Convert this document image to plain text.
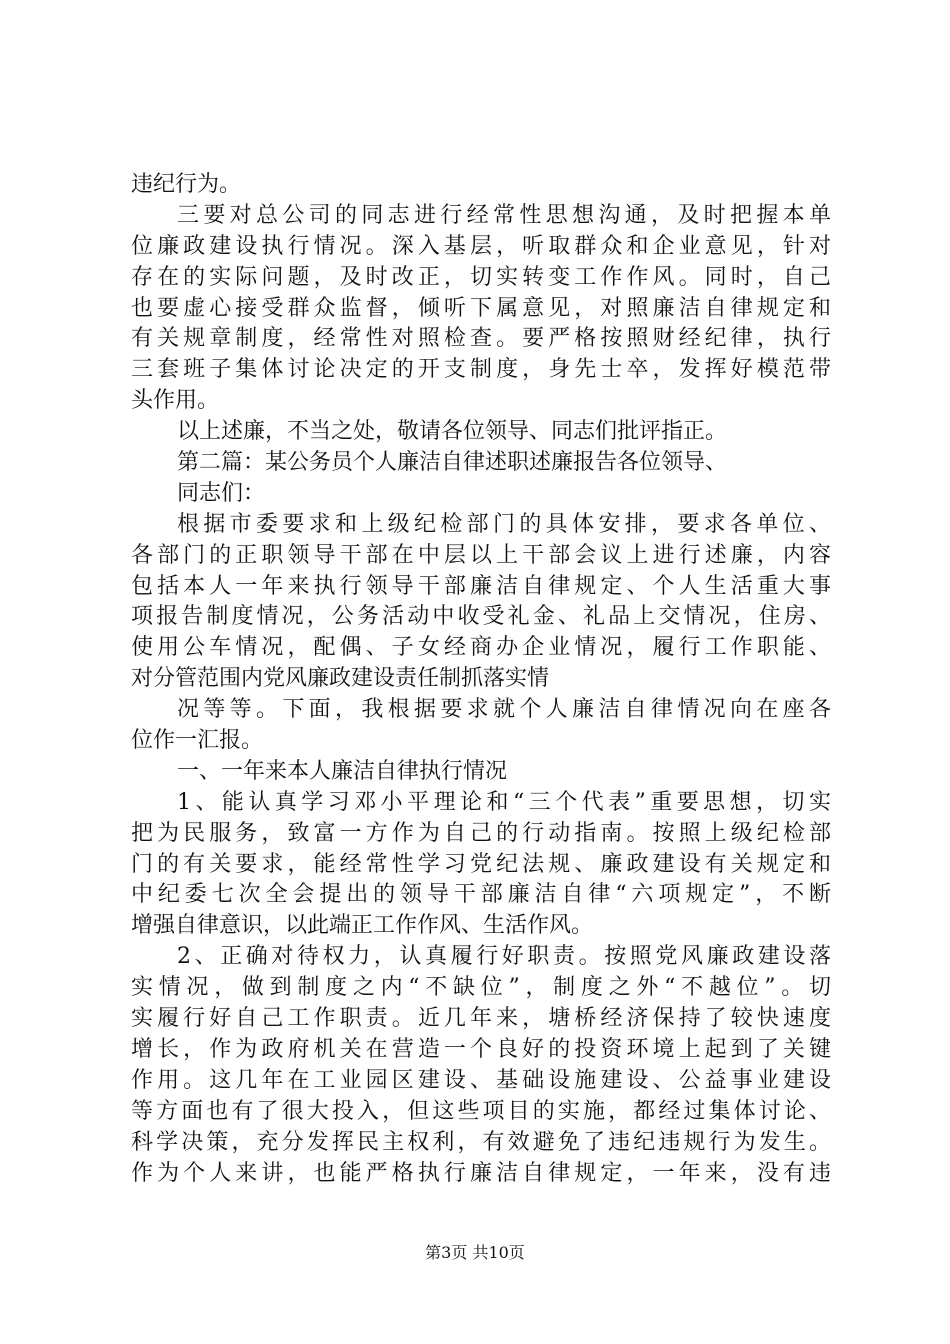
违纪行为。
三要对总公司的同志进行经常性思想沟通，及时把握本单
位廉政建设执行情况。深入基层，听取群众和企业意见，针对
存在的实际问题，及时改正，切实转变工作作风。同时，自己
也要虚心接受群众监督，倾听下属意见，对照廉洁自律规定和
有关规章制度，经常性对照检查。要严格按照财经纪律，执行
三套班子集体讨论决定的开支制度，身先士卒，发挥好模范带
头作用。
以上述廉，不当之处，敬请各位领导、同志们批评指正。
第二篇：某公务员个人廉洁自律述职述廉报告各位领导、
同志们：
根据市委要求和上级纪检部门的具体安排，要求各单位、
各部门的正职领导干部在中层以上干部会议上进行述廉，内容
包括本人一年来执行领导干部廉洁自律规定、个人生活重大事
项报告制度情况，公务活动中收受礼金、礼品上交情况，住房、
使用公车情况，配偶、子女经商办企业情况，履行工作职能、
对分管范围内党风廉政建设责任制抓落实情
况等等。下面，我根据要求就个人廉洁自律情况向在座各
位作一汇报。
一、一年来本人廉洁自律执行情况
1、能认真学习邓小平理论和“三个代表”重要思想，切实
把为民服务，致富一方作为自己的行动指南。按照上级纪检部
门的有关要求，能经常性学习党纪法规、廉政建设有关规定和
中纪委七次全会提出的领导干部廉洁自律“六项规定”，不断
增强自律意识，以此端正工作作风、生活作风。
2、正确对待权力，认真履行好职责。按照党风廉政建设落
实情况，做到制度之内“不缺位”，制度之外“不越位”。切
实履行好自己工作职责。近几年来，塘桥经济保持了较快速度
增长，作为政府机关在营造一个良好的投资环境上起到了关键
作用。这几年在工业园区建设、基础设施建设、公益事业建设
等方面也有了很大投入，但这些项目的实施，都经过集体讨论、
科学决策，充分发挥民主权利，有效避免了违纪违规行为发生。
作为个人来讲，也能严格执行廉洁自律规定，一年来，没有违
第3页 共10页
